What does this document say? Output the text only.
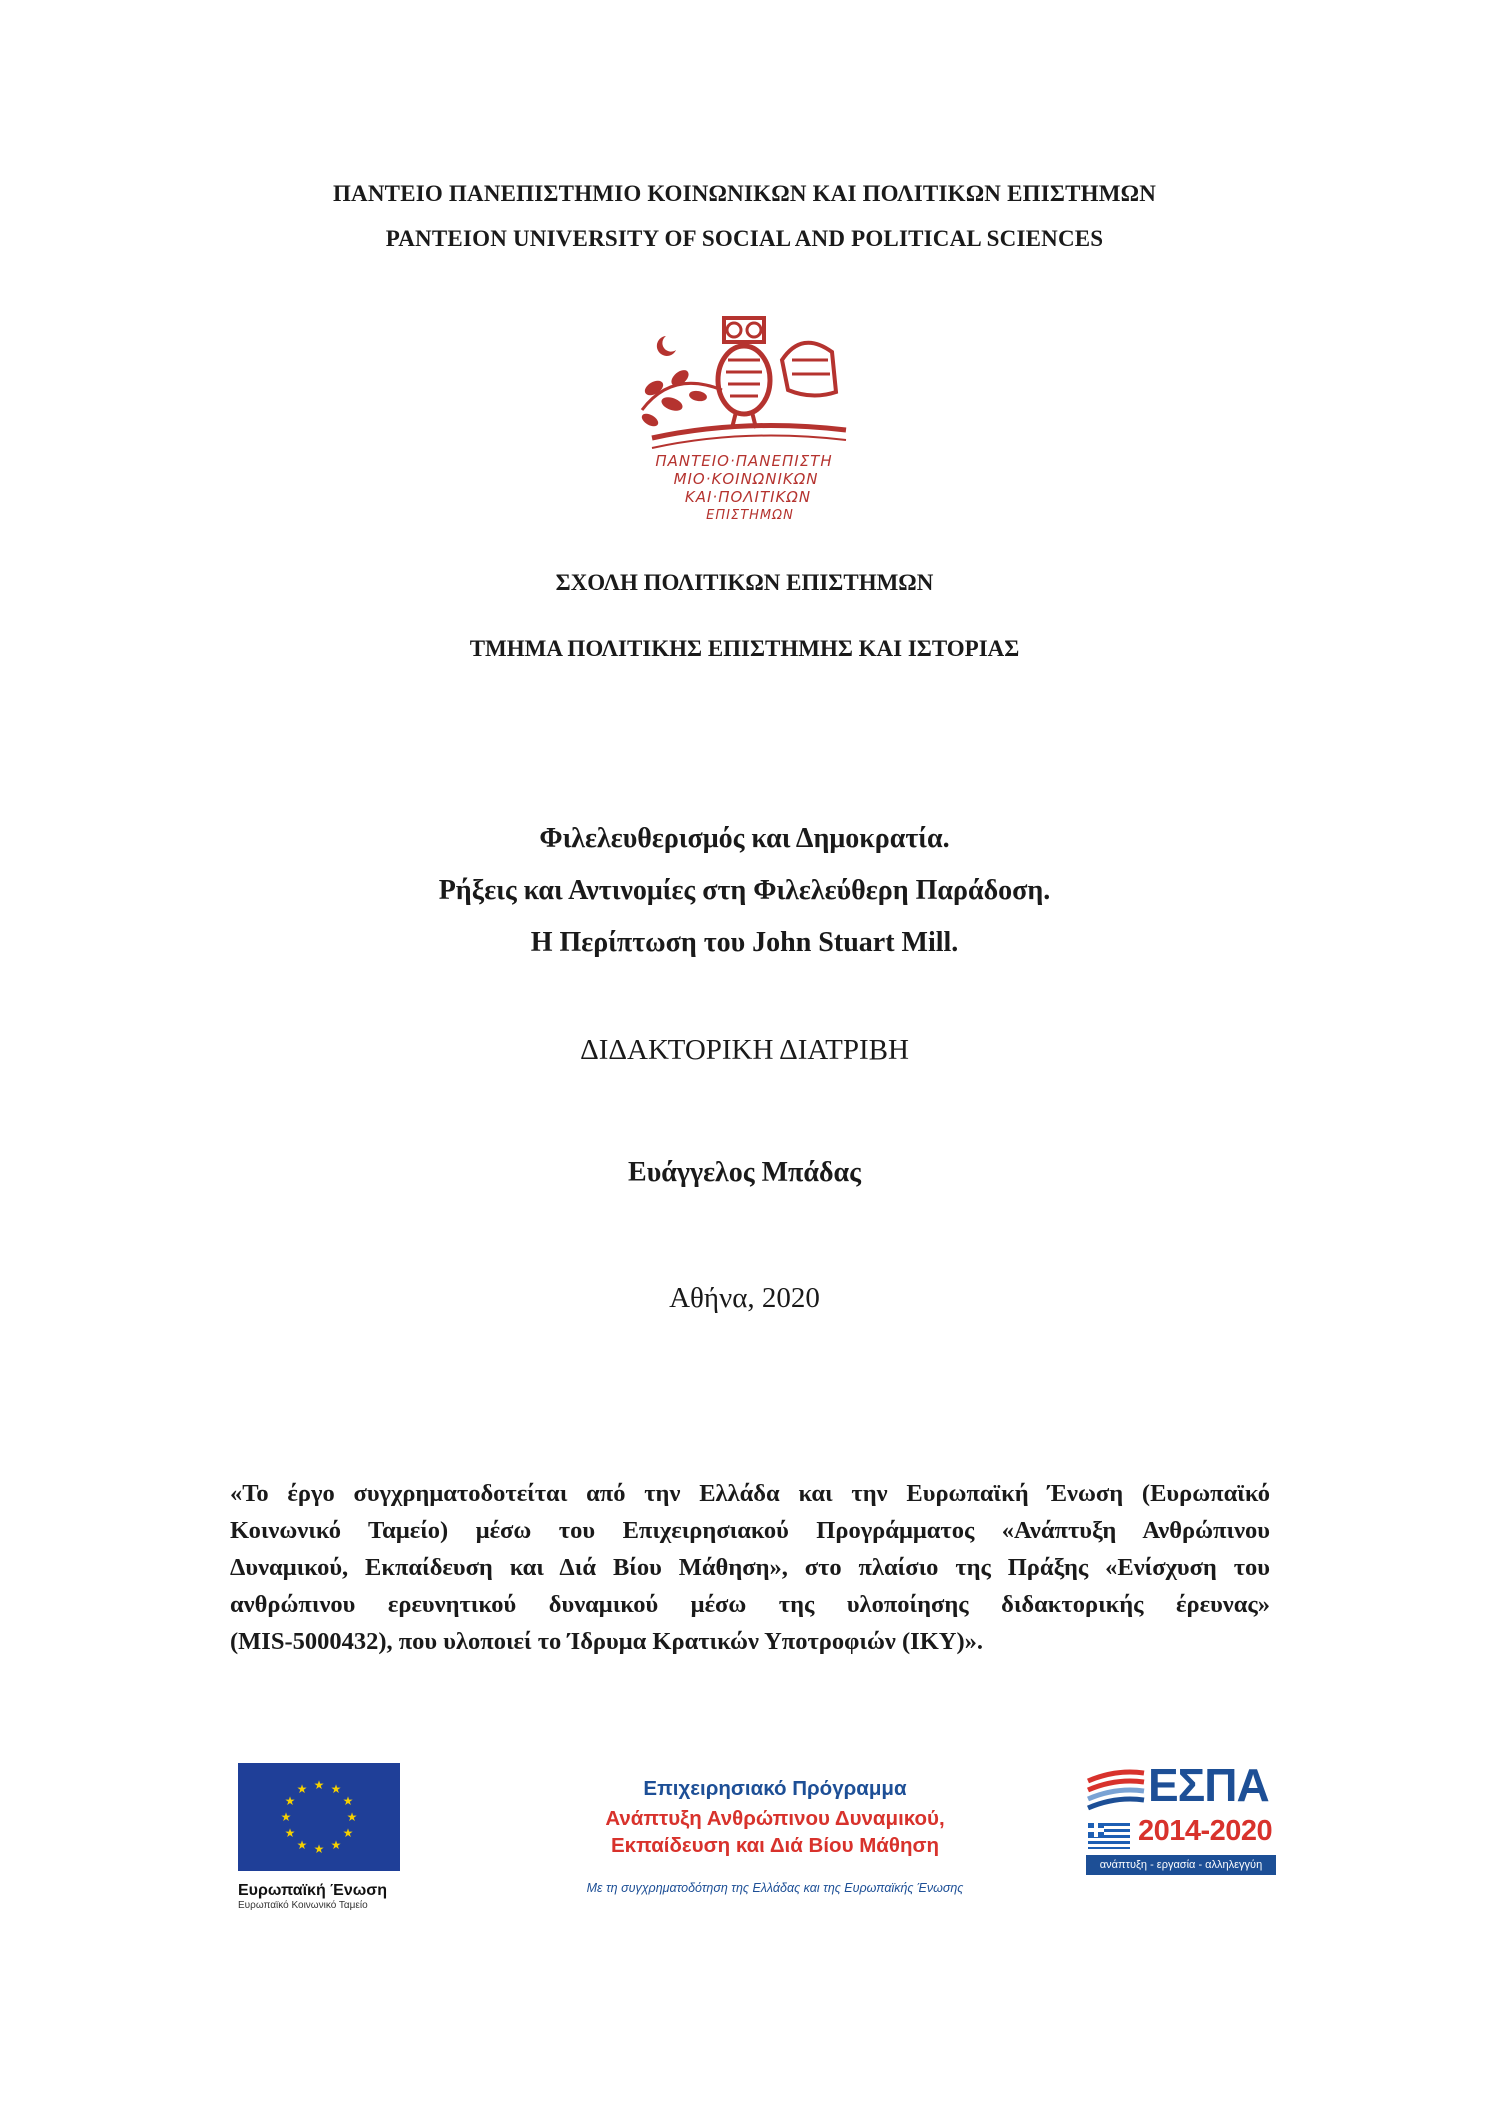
ΠΑΝΤΕΙΟ ΠΑΝΕΠΙΣΤΗΜΙΟ ΚΟΙΝΩΝΙΚΩΝ ΚΑΙ ΠΟΛΙΤΙΚΩΝ ΕΠΙΣΤΗΜΩΝ
PANTEION UNIVERSITY OF SOCIAL AND POLITICAL SCIENCES
ΠΑΝΤΕΙΟ·ΠΑΝΕΠΙΣΤΗ
ΜΙΟ·ΚΟΙΝΩΝΙΚΩΝ
ΚΑΙ·ΠΟΛΙΤΙΚΩΝ
ΕΠΙΣΤΗΜΩΝ
ΣΧΟΛΗ ΠΟΛΙΤΙΚΩΝ ΕΠΙΣΤΗΜΩΝ
ΤΜΗΜΑ ΠΟΛΙΤΙΚΗΣ ΕΠΙΣΤΗΜΗΣ ΚΑΙ ΙΣΤΟΡΙΑΣ
Φιλελευθερισμός και Δημοκρατία.
Ρήξεις και Αντινομίες στη Φιλελεύθερη Παράδοση.
Η Περίπτωση του John Stuart Mill.
ΔΙΔΑΚΤΟΡΙΚΗ ΔΙΑΤΡΙΒΗ
Ευάγγελος Μπάδας
Αθήνα, 2020
«Το έργο συγχρηματοδοτείται από την Ελλάδα και την Ευρωπαϊκή Ένωση (Ευρωπαϊκό
Κοινωνικό Ταμείο) μέσω του Επιχειρησιακού Προγράμματος «Ανάπτυξη Ανθρώπινου
Δυναμικού, Εκπαίδευση και Διά Βίου Μάθηση», στο πλαίσιο της Πράξης «Ενίσχυση του
ανθρώπινου ερευνητικού δυναμικού μέσω της υλοποίησης διδακτορικής έρευνας»
(MIS-5000432), που υλοποιεί το Ίδρυμα Κρατικών Υποτροφιών (ΙΚΥ)».
★ ★
★
★
★
★
★
★
★
★
★
★
Ευρωπαϊκή Ένωση
Ευρωπαϊκό Κοινωνικό Ταμείο
Επιχειρησιακό Πρόγραμμα
Ανάπτυξη Ανθρώπινου Δυναμικού,
Εκπαίδευση και Διά Βίου Μάθηση
Με τη συγχρηματοδότηση της Ελλάδας και της Ευρωπαϊκής Ένωσης
ΕΣΠΑ
2014-2020
ανάπτυξη - εργασία - αλληλεγγύη
